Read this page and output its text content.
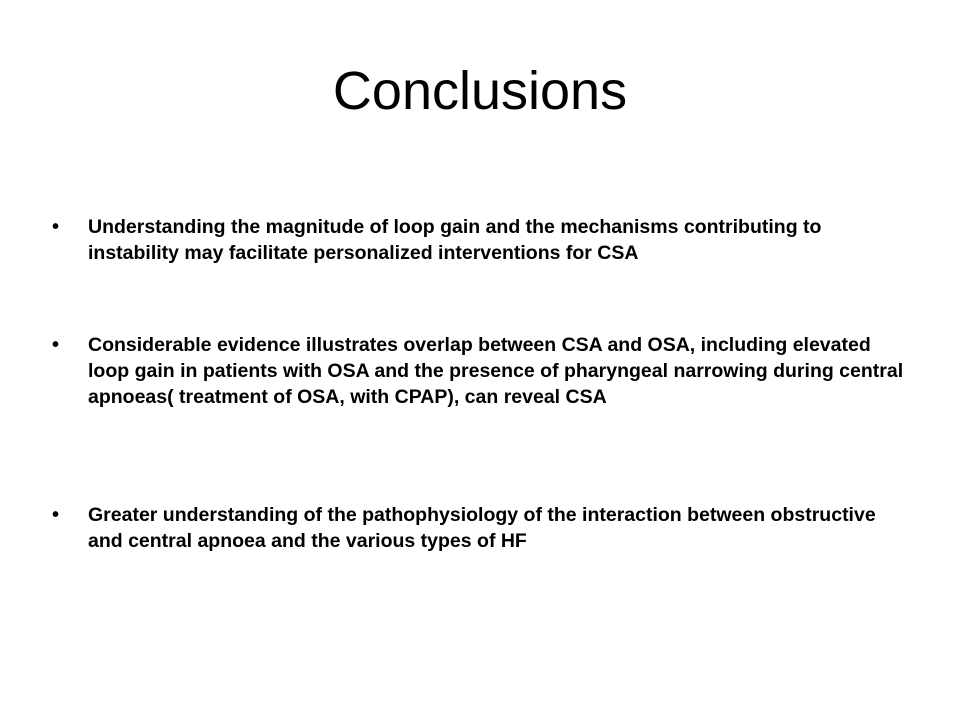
Conclusions
• Understanding the magnitude of loop gain and the mechanisms contributing to instability may facilitate personalized interventions for CSA

• Considerable evidence illustrates overlap between CSA and OSA, including elevated loop gain in patients with OSA and the presence of pharyngeal narrowing during central apnoeas( treatment of OSA, with CPAP), can reveal CSA

• Greater understanding of the pathophysiology of the interaction between obstructive and central apnoea and the various types of HF
